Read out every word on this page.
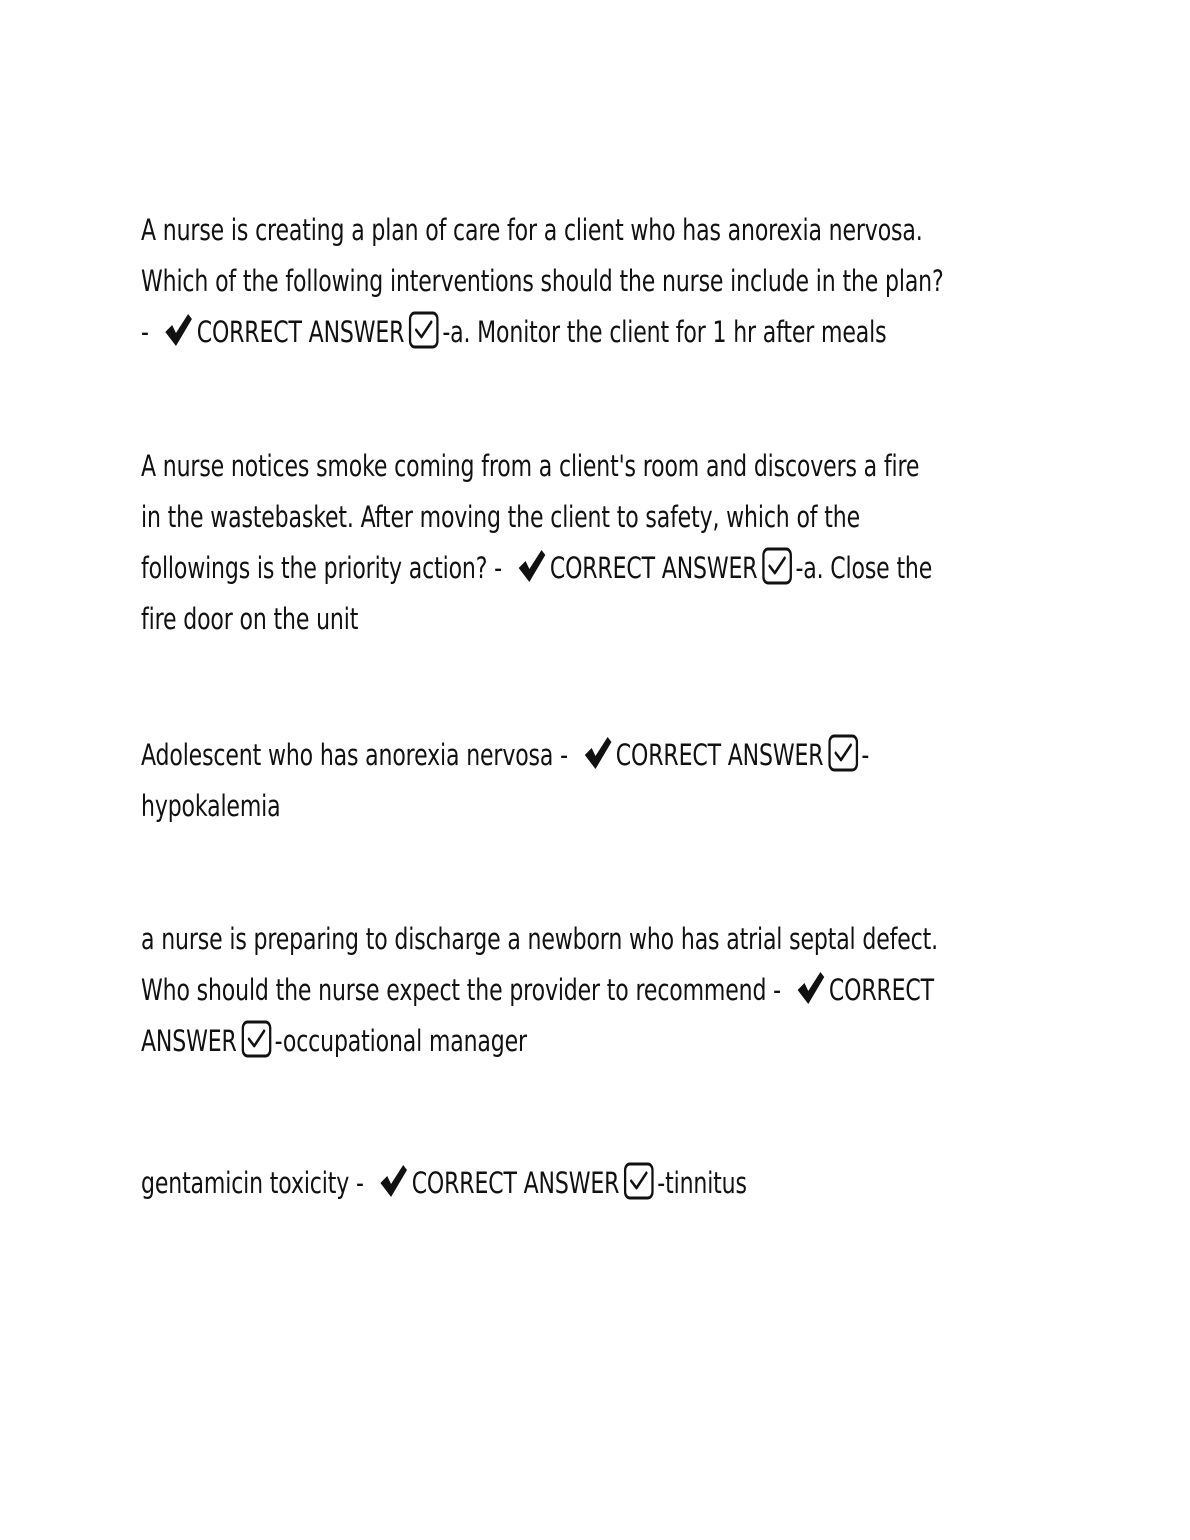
A nurse is creating a plan of care for a client who has anorexia nervosa.
Which of the following interventions should the nurse include in the plan?
- CORRECT ANSWER -a. Monitor the client for 1 hr after meals

A nurse notices smoke coming from a client's room and discovers a fire
in the wastebasket. After moving the client to safety, which of the
followings is the priority action? - CORRECT ANSWER -a. Close the
fire door on the unit

Adolescent who has anorexia nervosa - CORRECT ANSWER -
hypokalemia

a nurse is preparing to discharge a newborn who has atrial septal defect.
Who should the nurse expect the provider to recommend - CORRECT
ANSWER -occupational manager

gentamicin toxicity - CORRECT ANSWER -tinnitus
